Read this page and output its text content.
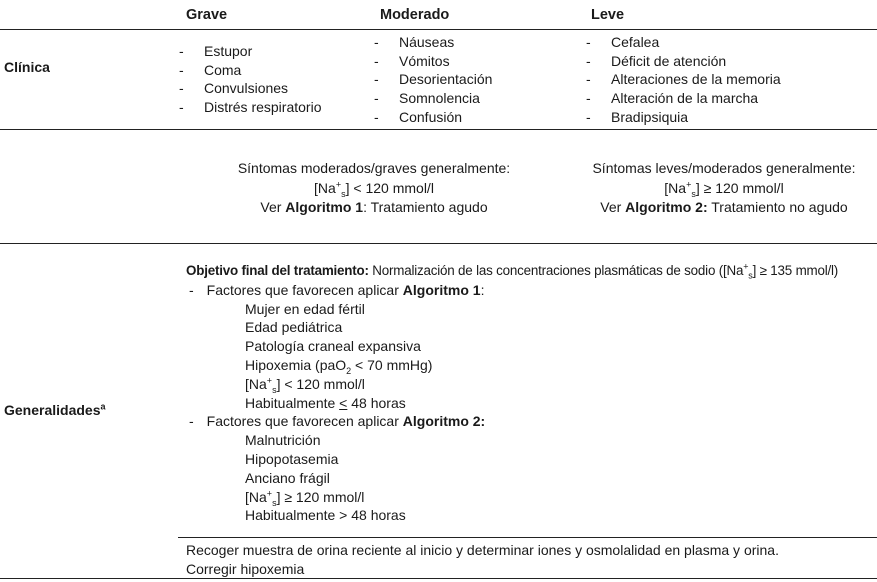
Grave	Moderado	Leve
Clínica
- Estupor
- Coma
- Convulsiones
- Distrés respiratorio
- Náuseas
- Vómitos
- Desorientación
- Somnolencia
- Confusión
- Cefalea
- Déficit de atención
- Alteraciones de la memoria
- Alteración de la marcha
- Bradipsiquia
Síntomas moderados/graves generalmente:
$[Na^+_s] < 120$ mmol/l
Ver Algoritmo 1: Tratamiento agudo
Síntomas leves/moderados generalmente:
$[Na^+_s] \ge 120$ mmol/l
Ver Algoritmo 2: Tratamiento no agudo
Generalidades$^a$
Objetivo final del tratamiento: Normalización de las concentraciones plasmáticas de sodio ($[Na^+_s] \ge 135$ mmol/l)
- Factores que favorecen aplicar Algoritmo 1:
Mujer en edad fértil
Edad pediátrica
Patología craneal expansiva
Hipoxemia (paO$_2$ < 70 mmHg)
$[Na^+_s] < 120$ mmol/l
Habitualmente < 48 horas
- Factores que favorecen aplicar Algoritmo 2:
Malnutrición
Hipopotasemia
Anciano frágil
$[Na^+_s] \ge 120$ mmol/l
Habitualmente > 48 horas
Recoger muestra de orina reciente al inicio y determinar iones y osmolalidad en plasma y orina.
Corregir hipoxemia
